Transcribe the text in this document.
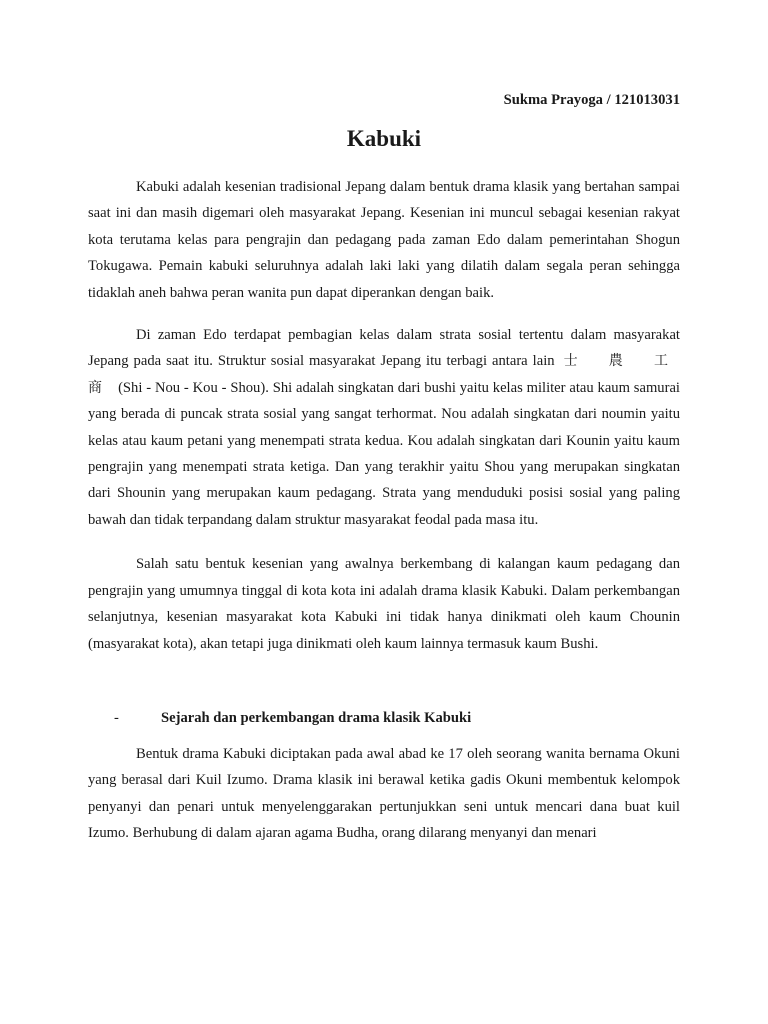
Sukma Prayoga / 121013031
Kabuki

Kabuki adalah kesenian tradisional Jepang dalam bentuk drama klasik yang bertahan sampai saat ini dan masih digemari oleh masyarakat Jepang. Kesenian ini muncul sebagai kesenian rakyat kota terutama kelas para pengrajin dan pedagang pada zaman Edo dalam pemerintahan Shogun Tokugawa. Pemain kabuki seluruhnya adalah laki laki yang dilatih dalam segala peran sehingga tidaklah aneh bahwa peran wanita pun dapat diperankan dengan baik.

Di zaman Edo terdapat pembagian kelas dalam strata sosial tertentu dalam masyarakat Jepang pada saat itu. Struktur sosial masyarakat Jepang itu terbagi antara lain 士 農 工 商 (Shi - Nou - Kou - Shou). Shi adalah singkatan dari bushi yaitu kelas militer atau kaum samurai yang berada di puncak strata sosial yang sangat terhormat. Nou adalah singkatan dari noumin yaitu kelas atau kaum petani yang menempati strata kedua. Kou adalah singkatan dari Kounin yaitu kaum pengrajin yang menempati strata ketiga. Dan yang terakhir yaitu Shou yang merupakan singkatan dari Shounin yang merupakan kaum pedagang. Strata yang menduduki posisi sosial yang paling bawah dan tidak terpandang dalam struktur masyarakat feodal pada masa itu.

Salah satu bentuk kesenian yang awalnya berkembang di kalangan kaum pedagang dan pengrajin yang umumnya tinggal di kota kota ini adalah drama klasik Kabuki. Dalam perkembangan selanjutnya, kesenian masyarakat kota Kabuki ini tidak hanya dinikmati oleh kaum Chounin (masyarakat kota), akan tetapi juga dinikmati oleh kaum lainnya termasuk kaum Bushi.

-	Sejarah dan perkembangan drama klasik Kabuki

Bentuk drama Kabuki diciptakan pada awal abad ke 17 oleh seorang wanita bernama Okuni yang berasal dari Kuil Izumo. Drama klasik ini berawal ketika gadis Okuni membentuk kelompok penyanyi dan penari untuk menyelenggarakan pertunjukkan seni untuk mencari dana buat kuil Izumo. Berhubung di dalam ajaran agama Budha, orang dilarang menyanyi dan menari
